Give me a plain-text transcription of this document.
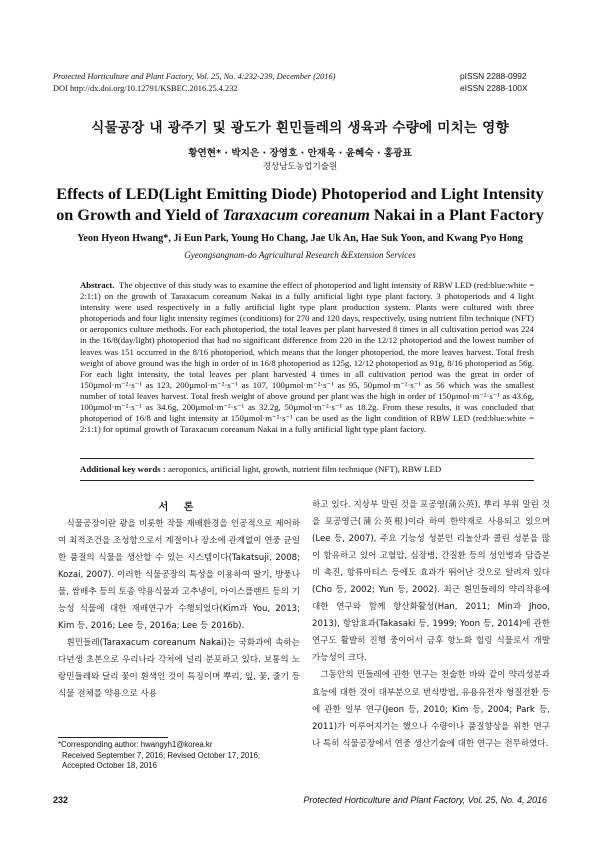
Protected Horticulture and Plant Factory, Vol. 25, No. 4:232-239, December (2016)
DOI http://dx.doi.org/10.12791/KSBEC.2016.25.4.232
pISSN 2288-0992
eISSN 2288-100X
식물공장 내 광주기 및 광도가 흰민들레의 생육과 수량에 미치는 영향
황연현* · 박지은 · 장영호 · 안재욱 · 윤혜숙 · 홍광표
경상남도농업기술원
Effects of LED(Light Emitting Diode) Photoperiod and Light Intensity
on Growth and Yield of Taraxacum coreanum Nakai in a Plant Factory
Yeon Hyeon Hwang*, Ji Eun Park, Young Ho Chang, Jae Uk An, Hae Suk Yoon, and Kwang Pyo Hong
Gyeongsangnam-do Agricultural Research &Extension Services
Abstract. The objective of this study was to examine the effect of photoperiod and light intensity of RBW LED (red:blue:white = 2:1:1) on the growth of Taraxacum coreanum Nakai in a fully artificial light type plant factory. 3 photoperiods and 4 light intensity were used respectively in a fully artificial light type plant production system. Plants were cultured with three photoperiods and four light intensity regimes (conditions) for 270 and 120 days, respectively, using nutrient film technique (NFT) or aeroponics culture methods. For each photoperiod, the total leaves per plant harvested 8 times in all cultivation period was 224 in the 16/8(day/light) photoperiod that had no significant difference from 220 in the 12/12 photoperiod and the lowest number of leaves was 151 occurred in the 8/16 photoperiod, which means that the longer photoperiod, the more leaves harvest. Total fresh weight of above ground was the high in order of in 16/8 photoperiod as 125g, 12/12 photoperiod as 91g, 8/16 photoperiod as 56g. For each light intensity, the total leaves per plant harvested 4 times in all cultivation period was the great in order of 150µmol·m⁻²·s⁻¹ as 123, 200µmol·m⁻²·s⁻¹ as 107, 100µmol·m⁻²·s⁻¹ as 95, 50µmol·m⁻²·s⁻¹ as 56 which was the smallest number of total leaves harvest. Total fresh weight of above ground per plant was the high in order of 150µmol·m⁻²·s⁻¹ as 43.6g, 100µmol·m⁻²·s⁻¹ as 34.6g, 200µmol·m⁻²·s⁻¹ as 32.2g, 50µmol·m⁻²·s⁻¹ as 18.2g. From these results, it was concluded that photoperiod of 16/8 and light intensity at 150µmol·m⁻²·s⁻¹ can be used as the light condition of RBW LED (red:blue:white = 2:1:1) for optimal growth of Taraxacum coreanum Nakai in a fully artificial light type plant factory.
Additional key words : aeroponics, artificial light, growth, nutrient film technique (NFT), RBW LED
서 론

식물공장이란 광을 비롯한 작물 재배환경을 인공적으로 제어하여 최적조건을 조성함으로서 계절이나 장소에 관계없이 연중 균일한 품질의 식물을 생산할 수 있는 시스템이다(Takatsuji, 2008; Kozai, 2007). 이러한 식물공장의 특성을 이용하여 딸기, 방풍나물, 쌈배추 등의 토종 약용식물과 고추냉이, 아이스플랜트 등의 기능성 식물에 대한 재배연구가 수행되었다(Kim과 You, 2013; Kim 등, 2016; Lee 등, 2016a; Lee 등 2016b).

흰민들레(Taraxacum coreanum Nakai)는 국화과에 속하는 다년생 초본으로 우리나라 각처에 널리 분포하고 있다. 보통의 노랑민들레와 달리 꽃이 흰색인 것이 특징이며 뿌리, 잎, 꽃, 줄기 등 식물 전체를 약용으로 사용

*Corresponding author: hwangyh1@korea.kr
Received September 7, 2016; Revised October 17, 2016;
Accepted October 18, 2016

하고 있다. 지상부 말린 것을 포공영(蒲公英), 뿌리 부위 말린 것을 포공영근(蒲公英根)이라 하여 한약재로 사용되고 있으며(Lee 등, 2007), 주요 기능성 성분인 리놀산과 콜린 성분을 많이 함유하고 있어 고혈압, 심장병, 간질환 등의 성인병과 담즙분비 촉진, 항류마티스 등에도 효과가 뛰어난 것으로 알려져 있다(Cho 등, 2002; Yun 등, 2002). 최근 흰민들레의 약리작용에 대한 연구와 함께 항산화활성(Han, 2011; Min과 Jhoo, 2013), 항암효과(Takasaki 등, 1999; Yoon 등, 2014)에 관한 연구도 활발히 진행 중이어서 금후 항노화 힐링 식물로서 개발 가능성이 크다.

그동안의 민들레에 관한 연구는 천술한 바와 같이 약리성분과 효능에 대한 것이 대부분으로 번식방법, 유용유전자 형질전환 등에 관한 일부 연구(Jeon 등, 2010; Kim 등, 2004; Park 등, 2011)가 이루어지기는 했으나 수량이나 품질향상을 위한 연구나 특히 식물공장에서 연중 생산기술에 대한 연구는 전무하였다.

232	Protected Horticulture and Plant Factory, Vol. 25, No. 4, 2016
